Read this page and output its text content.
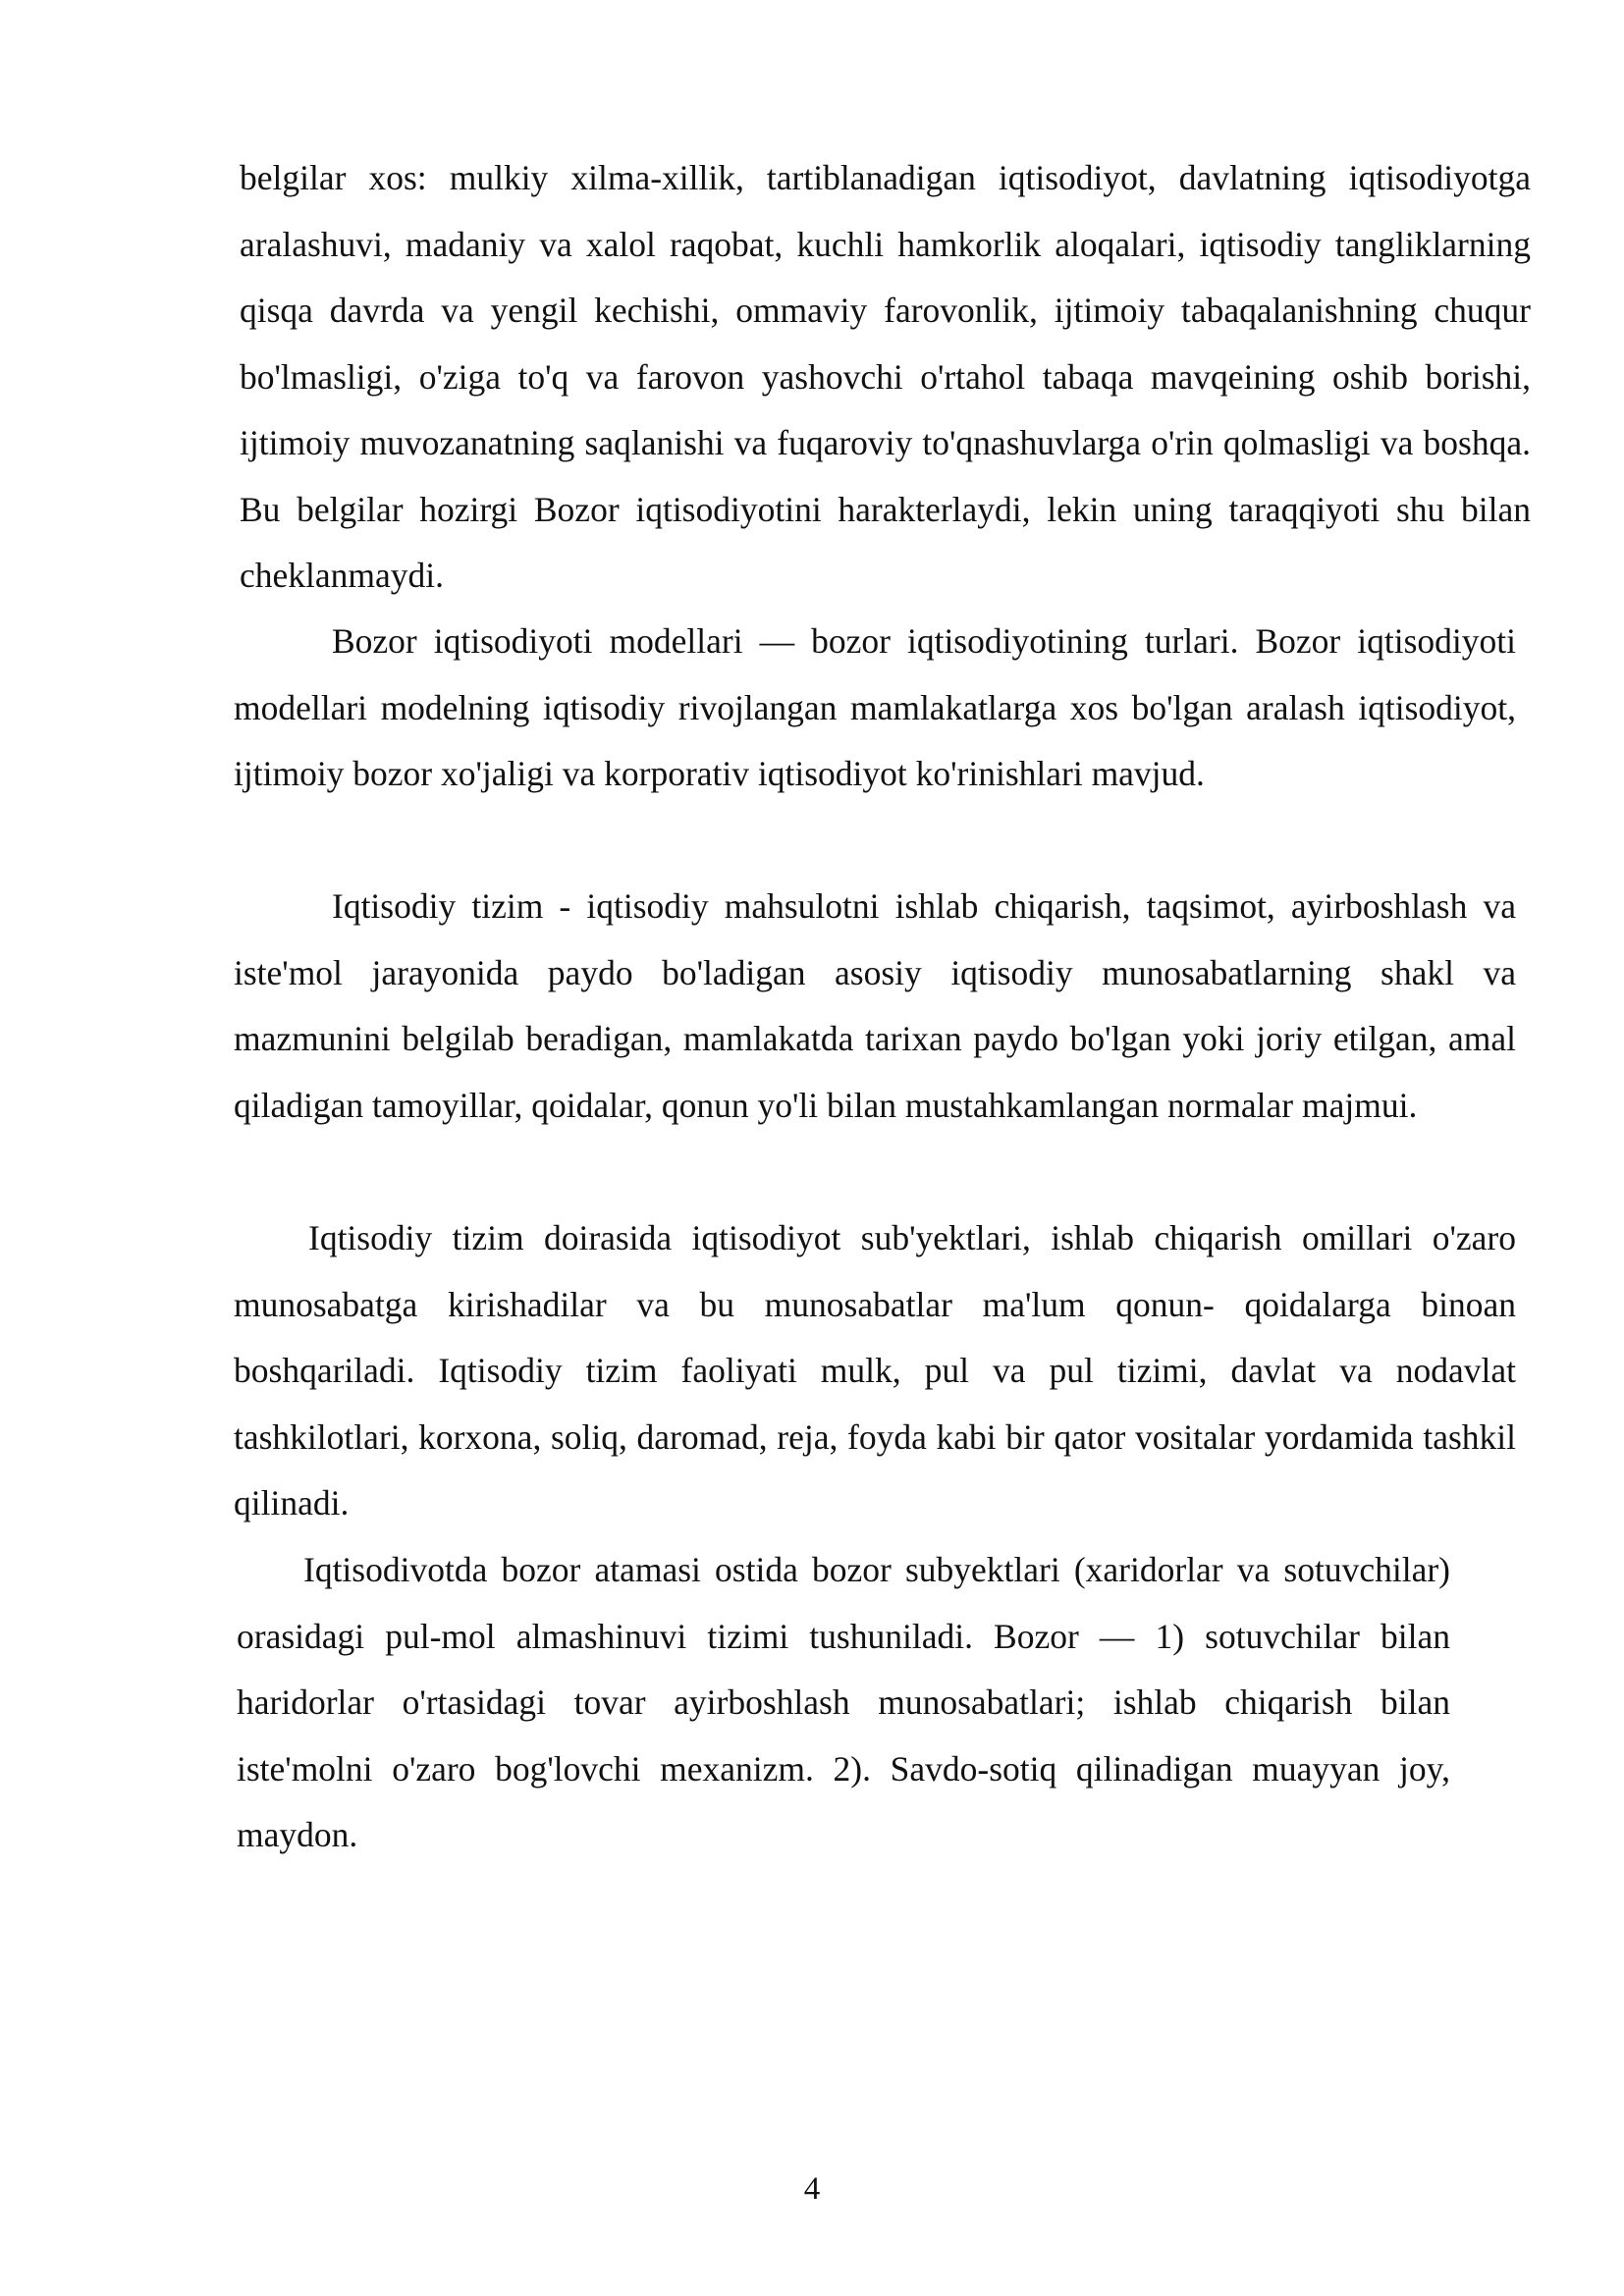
belgilar xos: mulkiy xilma-xillik, tartiblanadigan iqtisodiyot, davlatning iqtisodiyotga aralashuvi, madaniy va xalol raqobat, kuchli hamkorlik aloqalari, iqtisodiy tangliklarning qisqa davrda va yengil kechishi, ommaviy farovonlik, ijtimoiy tabaqalanishning chuqur bo'lmasligi, o'ziga to'q va farovon yashovchi o'rtahol tabaqa mavqeining oshib borishi, ijtimoiy muvozanatning saqlanishi va fuqaroviy to'qnashuvlarga o'rin qolmasligi va boshqa. Bu belgilar hozirgi Bozor iqtisodiyotini harakterlaydi, lekin uning taraqqiyoti shu bilan cheklanmaydi.

Bozor iqtisodiyoti modellari — bozor iqtisodiyotining turlari. Bozor iqtisodiyoti modellari modelning iqtisodiy rivojlangan mamlakatlarga xos bo'lgan aralash iqtisodiyot, ijtimoiy bozor xo'jaligi va korporativ iqtisodiyot ko'rinishlari mavjud.

Iqtisodiy tizim - iqtisodiy mahsulotni ishlab chiqarish, taqsimot, ayirboshlash va iste'mol jarayonida paydo bo'ladigan asosiy iqtisodiy munosabatlarning shakl va mazmunini belgilab beradigan, mamlakatda tarixan paydo bo'lgan yoki joriy etilgan, amal qiladigan tamoyillar, qoidalar, qonun yo'li bilan mustahkamlangan normalar majmui.

Iqtisodiy tizim doirasida iqtisodiyot sub'yektlari, ishlab chiqarish omillari o'zaro munosabatga kirishadilar va bu munosabatlar ma'lum qonun- qoidalarga binoan boshqariladi. Iqtisodiy tizim faoliyati mulk, pul va pul tizimi, davlat va nodavlat tashkilotlari, korxona, soliq, daromad, reja, foyda kabi bir qator vositalar yordamida tashkil qilinadi.

Iqtisodivotda bozor atamasi ostida bozor subyektlari (xaridorlar va sotuvchilar) orasidagi pul-mol almashinuvi tizimi tushuniladi. Bozor — 1) sotuvchilar bilan haridorlar o'rtasidagi tovar ayirboshlash munosabatlari; ishlab chiqarish bilan iste'molni o'zaro bog'lovchi mexanizm. 2). Savdo-sotiq qilinadigan muayyan joy, maydon.

4
